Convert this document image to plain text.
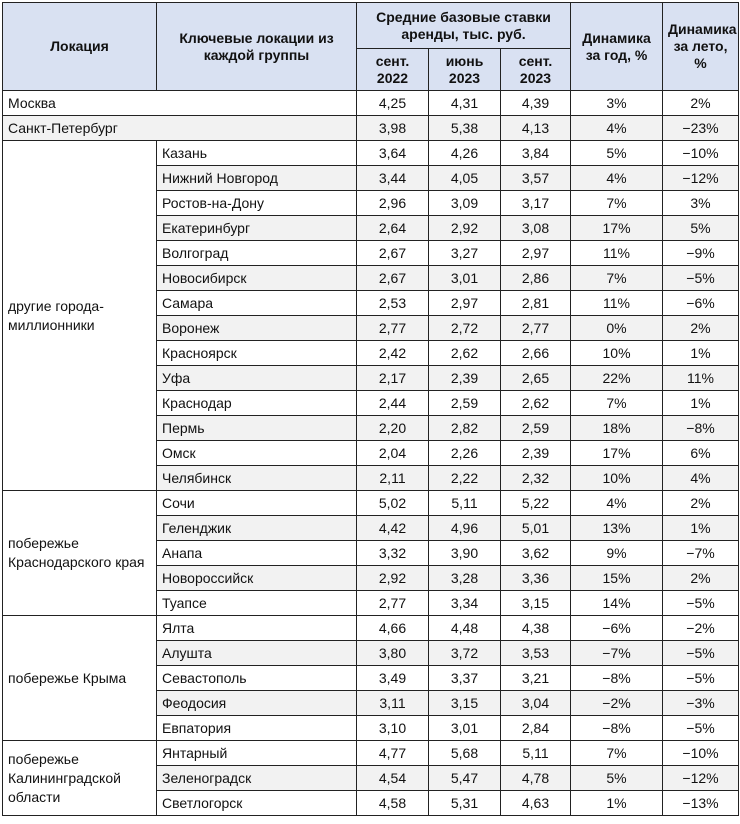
Локация	Ключевые локации из каждой группы	Средние базовые ставки аренды, тыс. руб.			Динамика за год, %	Динамика за лето, %
		сент. 2022	июнь 2023	сент. 2023		
Москва		4,25	4,31	4,39	3%	2%
Санкт-Петербург		3,98	5,38	4,13	4%	−23%
другие города-миллионники	Казань	3,64	4,26	3,84	5%	−10%
	Нижний Новгород	3,44	4,05	3,57	4%	−12%
	Ростов-на-Дону	2,96	3,09	3,17	7%	3%
	Екатеринбург	2,64	2,92	3,08	17%	5%
	Волгоград	2,67	3,27	2,97	11%	−9%
	Новосибирск	2,67	3,01	2,86	7%	−5%
	Самара	2,53	2,97	2,81	11%	−6%
	Воронеж	2,77	2,72	2,77	0%	2%
	Красноярск	2,42	2,62	2,66	10%	1%
	Уфа	2,17	2,39	2,65	22%	11%
	Краснодар	2,44	2,59	2,62	7%	1%
	Пермь	2,20	2,82	2,59	18%	−8%
	Омск	2,04	2,26	2,39	17%	6%
	Челябинск	2,11	2,22	2,32	10%	4%
побережье Краснодарского края	Сочи	5,02	5,11	5,22	4%	2%
	Геленджик	4,42	4,96	5,01	13%	1%
	Анапа	3,32	3,90	3,62	9%	−7%
	Новороссийск	2,92	3,28	3,36	15%	2%
	Туапсе	2,77	3,34	3,15	14%	−5%
побережье Крыма	Ялта	4,66	4,48	4,38	−6%	−2%
	Алушта	3,80	3,72	3,53	−7%	−5%
	Севастополь	3,49	3,37	3,21	−8%	−5%
	Феодосия	3,11	3,15	3,04	−2%	−3%
	Евпатория	3,10	3,01	2,84	−8%	−5%
побережье Калининградской области	Янтарный	4,77	5,68	5,11	7%	−10%
	Зеленоградск	4,54	5,47	4,78	5%	−12%
	Светлогорск	4,58	5,31	4,63	1%	−13%
